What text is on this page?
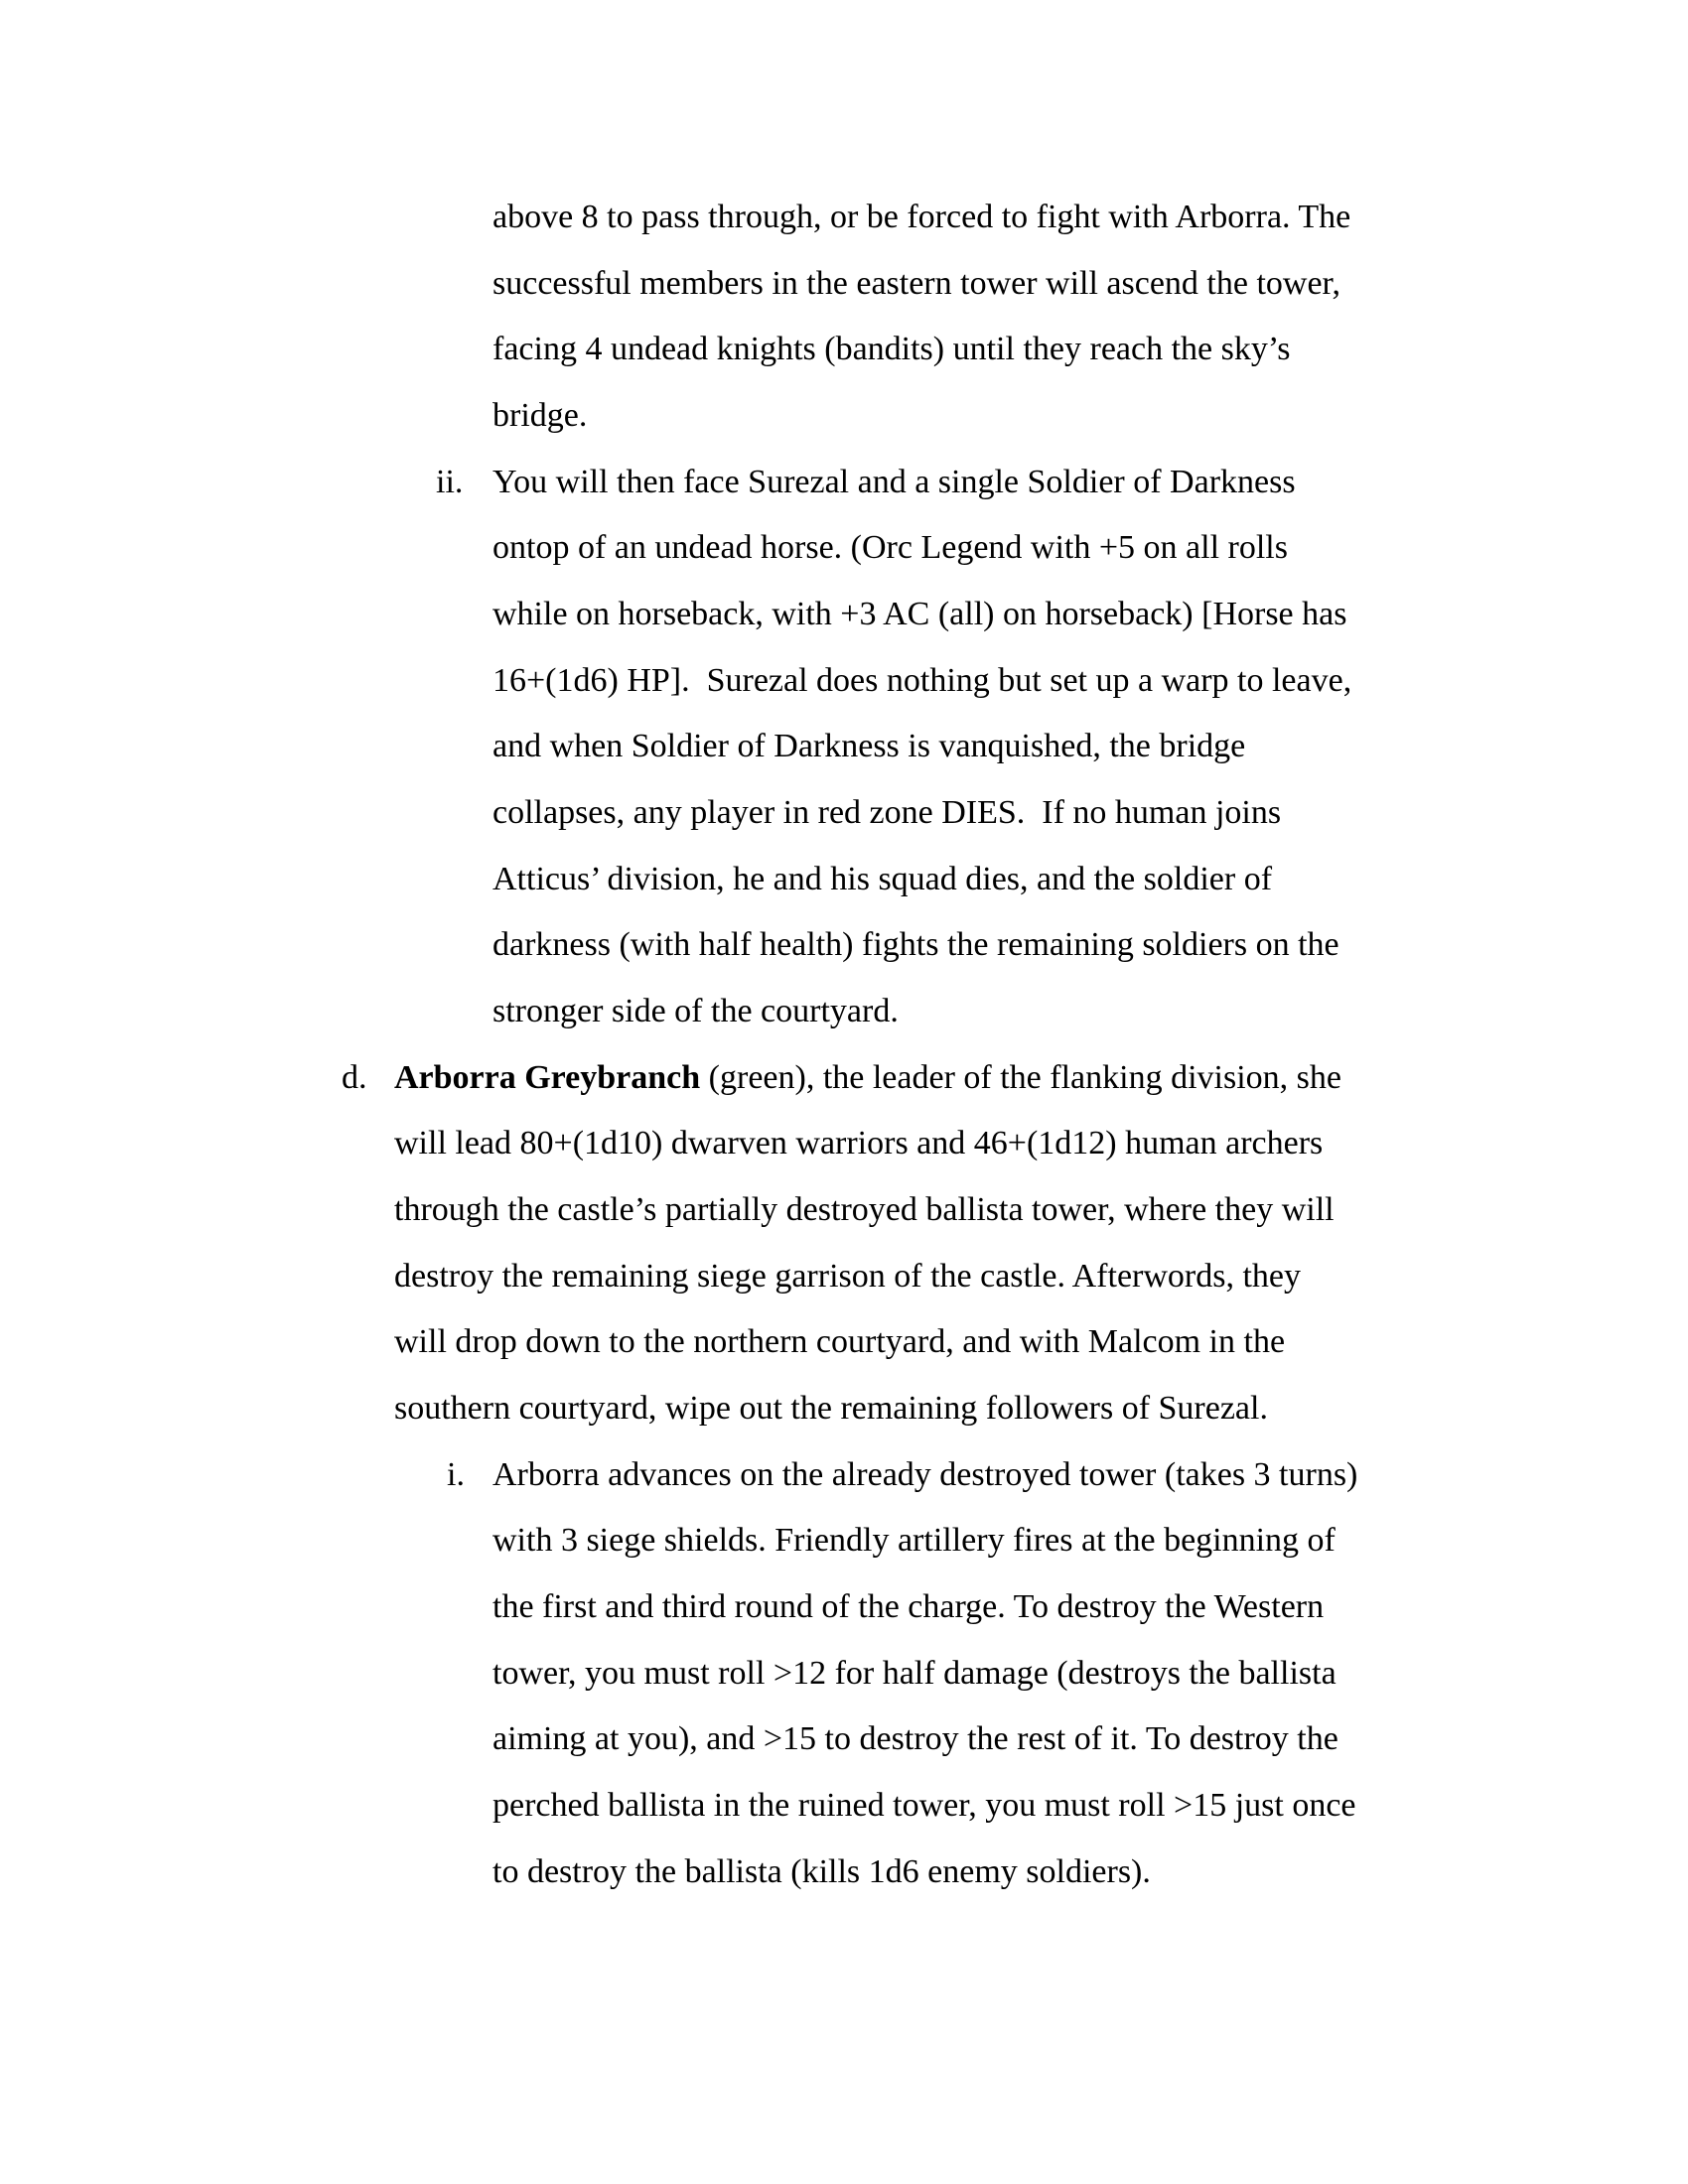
above 8 to pass through, or be forced to fight with Arborra. The
successful members in the eastern tower will ascend the tower,
facing 4 undead knights (bandits) until they reach the sky’s
bridge.
ii. You will then face Surezal and a single Soldier of Darkness
ontop of an undead horse. (Orc Legend with +5 on all rolls
while on horseback, with +3 AC (all) on horseback) [Horse has
16+(1d6) HP].  Surezal does nothing but set up a warp to leave,
and when Soldier of Darkness is vanquished, the bridge
collapses, any player in red zone DIES.  If no human joins
Atticus’ division, he and his squad dies, and the soldier of
darkness (with half health) fights the remaining soldiers on the
stronger side of the courtyard.
d. Arborra Greybranch (green), the leader of the flanking division, she
will lead 80+(1d10) dwarven warriors and 46+(1d12) human archers
through the castle’s partially destroyed ballista tower, where they will
destroy the remaining siege garrison of the castle. Afterwords, they
will drop down to the northern courtyard, and with Malcom in the
southern courtyard, wipe out the remaining followers of Surezal.
i. Arborra advances on the already destroyed tower (takes 3 turns)
with 3 siege shields. Friendly artillery fires at the beginning of
the first and third round of the charge. To destroy the Western
tower, you must roll >12 for half damage (destroys the ballista
aiming at you), and >15 to destroy the rest of it. To destroy the
perched ballista in the ruined tower, you must roll >15 just once
to destroy the ballista (kills 1d6 enemy soldiers).
